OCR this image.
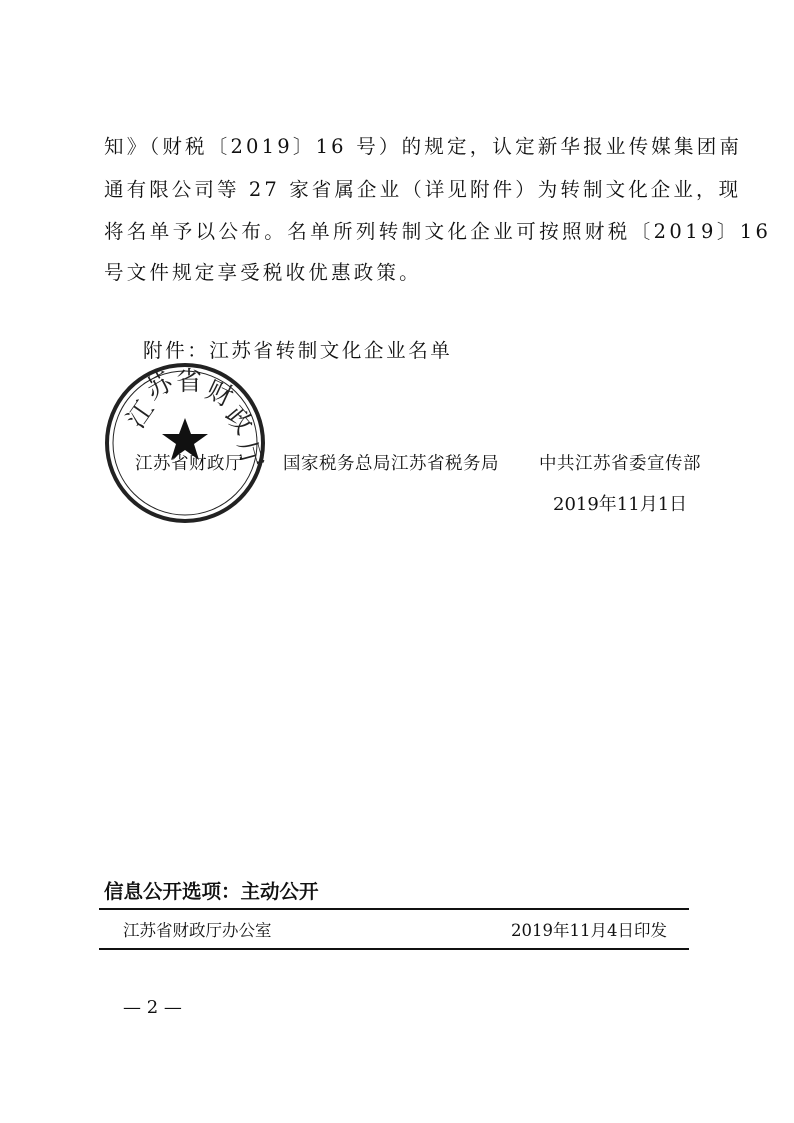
知》（财税〔2019〕16 号）的规定，认定新华报业传媒集团南
通有限公司等 27 家省属企业（详见附件）为转制文化企业，现
将名单予以公布。名单所列转制文化企业可按照财税〔2019〕16
号文件规定享受税收优惠政策。
附件：江苏省转制文化企业名单
江
苏
省 财
政
厅
江苏省财政厅 国家税务总局江苏省税务局 中共江苏省委宣传部
2019年11月1日
信息公开选项：主动公开
江苏省财政厅办公室	2019年11月4日印发
— 2 —
